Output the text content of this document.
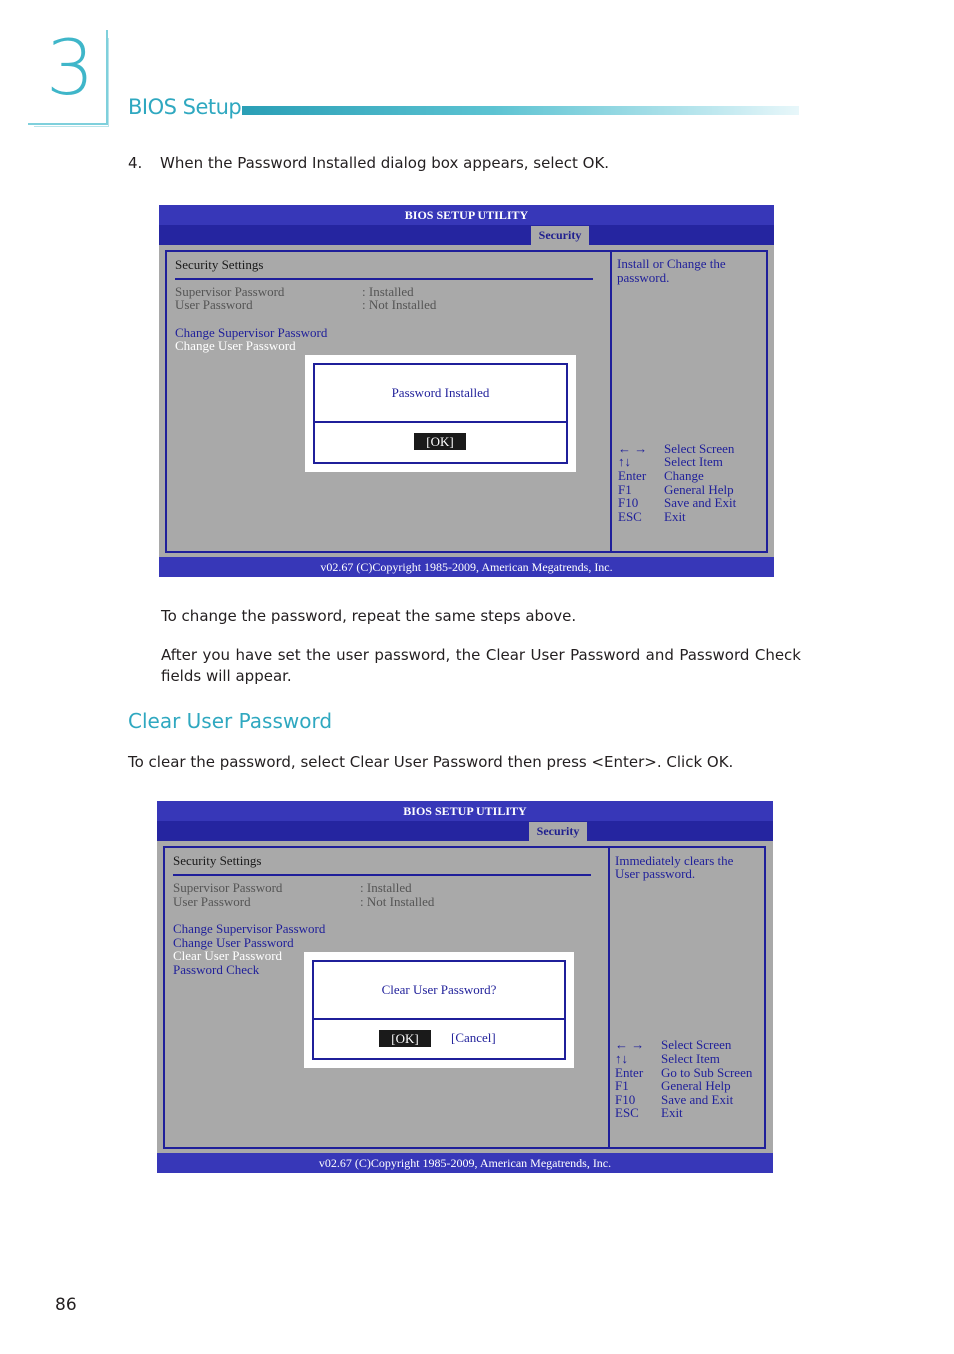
3 BIOS Setup
4. When the Password Installed dialog box appears, select OK.
BIOS SETUP UTILITY
Security
Security Settings
Supervisor Password	: Installed
User Password	: Not Installed
Change Supervisor Password
Change User Password
Install or Change the
password.
← → Select Screen
↑↓	Select Item
Enter Change
F1 General Help
F10 Save and Exit
ESC Exit
Password Installed
[OK]
v02.67 (C)Copyright 1985-2009, American Megatrends, Inc.
To change the password, repeat the same steps above.
After you have set the user password, the Clear User Password and Password Check fields will appear.
Clear User Password
To clear the password, select Clear User Password then press <Enter>. Click OK.
BIOS SETUP UTILITY
Security
Security Settings
Supervisor Password	: Installed
User Password	: Not Installed
Change Supervisor Password
Change User Password
Clear User Password
Password Check
Immediately clears the
User password.
← → Select Screen
↑↓	Select Item
Enter Go to Sub Screen
F1 General Help
F10 Save and Exit
ESC Exit
Clear User Password?
[OK]	[Cancel]
v02.67 (C)Copyright 1985-2009, American Megatrends, Inc.
86
